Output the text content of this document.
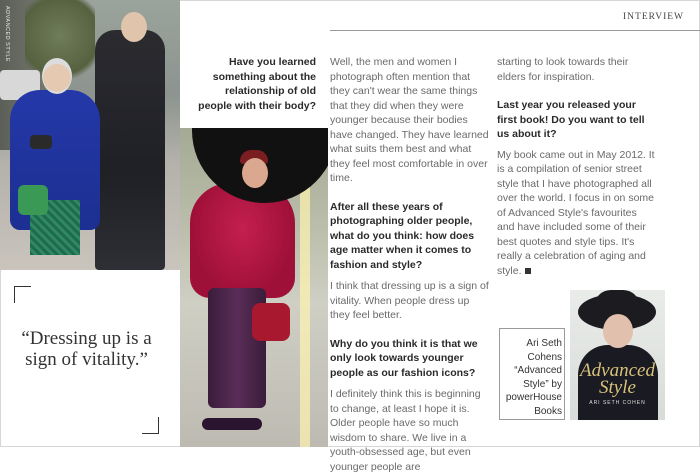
INTERVIEW
ADVANCED STYLE
“Dressing up is a sign of vitality.”

Have you learned something about the relationship of old people with their body?

Well, the men and women I photograph often mention that they can't wear the same things that they did when they were younger because their bodies have changed. They have learned what suits them best and what they feel most comfortable in over time.

After all these years of photographing older people, what do you think: how does age matter when it comes to fashion and style?

I think that dressing up is a sign of vitality. When people dress up they feel better.

Why do you think it is that we only look towards younger people as our fashion icons?

I definitely think this is beginning to change, at least I hope it is. Older people have so much wisdom to share. We live in a youth-obsessed age, but even younger people are

starting to look towards their elders for inspiration.

Last year you released your first book! Do you want to tell us about it?

My book came out in May 2012. It is a compilation of senior street style that I have photographed all over the world. I focus in on some of Advanced Style's favourites and have included some of their best quotes and style tips. It's really a celebration of aging and style.

Ari Seth Cohens “Advanced Style” by powerHouse Books
Advanced Style
ARI SETH COHEN
